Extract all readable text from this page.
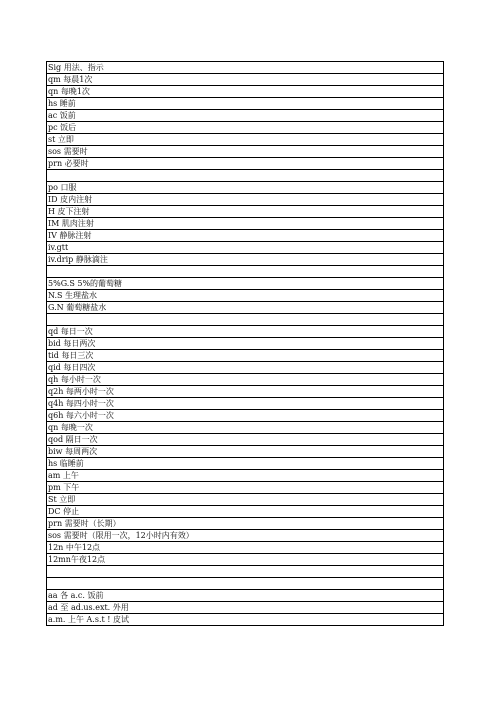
Sig 用法、指示
qm 每晨1次
qn 每晚1次
hs 睡前
ac 饭前
pc 饭后
st 立即
sos 需要时
prn 必要时
po 口服
ID 皮内注射
H 皮下注射
IM 肌肉注射
IV 静脉注射
iv.gtt
iv.drip 静脉滴注
5%G.S 5%的葡萄糖
N.S 生理盐水
G.N 葡萄糖盐水
qd 每日一次
bid 每日两次
tid 每日三次
qid 每日四次
qh 每小时一次
q2h 每两小时一次
q4h 每四小时一次
q6h 每六小时一次
qn 每晚一次
qod 隔日一次
biw 每周两次
hs 临睡前
am 上午
pm 下午
St 立即
DC 停止
prn 需要时（长期）
sos 需要时（限用一次，12小时内有效）
12n 中午12点
12mn午夜12点
aa 各 a.c. 饭前
ad 至 ad.us.ext. 外用
a.m. 上午 A.s.t ! 皮试
